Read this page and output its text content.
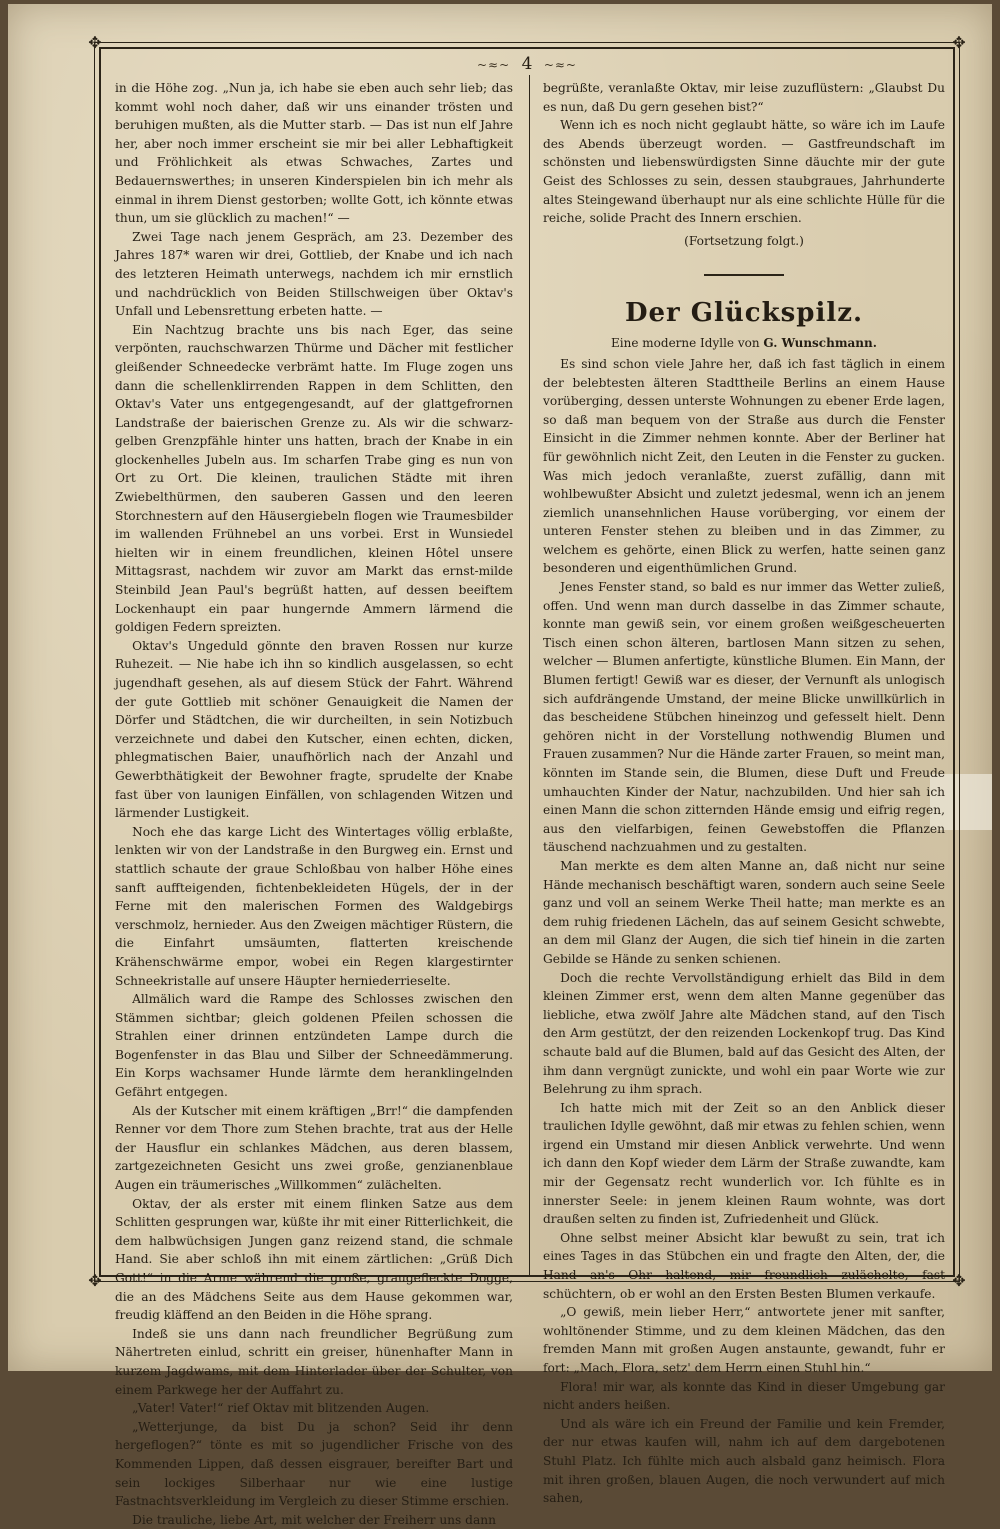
✥	✥
✥	✥
~≈~ 4 ~≈~

in die Höhe zog. „Nun ja, ich habe sie eben auch sehr lieb; das kommt wohl noch daher, daß wir uns einander trösten und beruhigen mußten, als die Mutter starb. — Das ist nun elf Jahre her, aber noch immer erscheint sie mir bei aller Lebhaftigkeit und Fröhlichkeit als etwas Schwaches, Zartes und Bedauernswerthes; in unseren Kinderspielen bin ich mehr als einmal in ihrem Dienst gestorben; wollte Gott, ich könnte etwas thun, um sie glücklich zu machen!“ —

Zwei Tage nach jenem Gespräch, am 23. Dezember des Jahres 187* waren wir drei, Gottlieb, der Knabe und ich nach des letzteren Heimath unterwegs, nachdem ich mir ernstlich und nachdrücklich von Beiden Stillschweigen über Oktav's Unfall und Lebensrettung erbeten hatte. —

Ein Nachtzug brachte uns bis nach Eger, das seine verpönten, rauchschwarzen Thürme und Dächer mit festlicher gleißender Schneedecke verbrämt hatte. Im Fluge zogen uns dann die schellenklirrenden Rappen in dem Schlitten, den Oktav's Vater uns entgegengesandt, auf der glattgefrornen Landstraße der baierischen Grenze zu. Als wir die schwarz-gelben Grenzpfähle hinter uns hatten, brach der Knabe in ein glockenhelles Jubeln aus. Im scharfen Trabe ging es nun von Ort zu Ort. Die kleinen, traulichen Städte mit ihren Zwiebelthürmen, den sauberen Gassen und den leeren Storchnestern auf den Häusergiebeln flogen wie Traumesbilder im wallenden Frühnebel an uns vorbei. Erst in Wunsiedel hielten wir in einem freundlichen, kleinen Hôtel unsere Mittagsrast, nachdem wir zuvor am Markt das ernst-milde Steinbild Jean Paul's begrüßt hatten, auf dessen beeiftem Lockenhaupt ein paar hungernde Ammern lärmend die goldigen Federn spreizten.

Oktav's Ungeduld gönnte den braven Rossen nur kurze Ruhezeit. — Nie habe ich ihn so kindlich ausgelassen, so echt jugendhaft gesehen, als auf diesem Stück der Fahrt. Während der gute Gottlieb mit schöner Genauigkeit die Namen der Dörfer und Städtchen, die wir durcheilten, in sein Notizbuch verzeichnete und dabei den Kutscher, einen echten, dicken, phlegmatischen Baier, unaufhörlich nach der Anzahl und Gewerbthätigkeit der Bewohner fragte, sprudelte der Knabe fast über von launigen Einfällen, von schlagenden Witzen und lärmender Lustigkeit.

Noch ehe das karge Licht des Wintertages völlig erblaßte, lenkten wir von der Landstraße in den Burgweg ein. Ernst und stattlich schaute der graue Schloßbau von halber Höhe eines sanft auffteigenden, fichtenbekleideten Hügels, der in der Ferne mit den malerischen Formen des Waldgebirgs verschmolz, hernieder. Aus den Zweigen mächtiger Rüstern, die die Einfahrt umsäumten, flatterten kreischende Krähenschwärme empor, wobei ein Regen klargestirnter Schneekristalle auf unsere Häupter herniederrieselte.

Allmälich ward die Rampe des Schlosses zwischen den Stämmen sichtbar; gleich goldenen Pfeilen schossen die Strahlen einer drinnen entzündeten Lampe durch die Bogenfenster in das Blau und Silber der Schneedämmerung. Ein Korps wachsamer Hunde lärmte dem heranklingelnden Gefährt entgegen.

Als der Kutscher mit einem kräftigen „Brr!“ die dampfenden Renner vor dem Thore zum Stehen brachte, trat aus der Helle der Hausflur ein schlankes Mädchen, aus deren blassem, zartgezeichneten Gesicht uns zwei große, genzianenblaue Augen ein träumerisches „Willkommen“ zulächelten.

Oktav, der als erster mit einem flinken Satze aus dem Schlitten gesprungen war, küßte ihr mit einer Ritterlichkeit, die dem halbwüchsigen Jungen ganz reizend stand, die schmale Hand. Sie aber schloß ihn mit einem zärtlichen: „Grüß Dich Gott!“ in die Arme während die große, graugefleckte Dogge, die an des Mädchens Seite aus dem Hause gekommen war, freudig kläffend an den Beiden in die Höhe sprang.

Indeß sie uns dann nach freundlicher Begrüßung zum Nähertreten einlud, schritt ein greiser, hünenhafter Mann in kurzem Jagdwams, mit dem Hinterlader über der Schulter, von einem Parkwege her der Auffahrt zu.

„Vater! Vater!“ rief Oktav mit blitzenden Augen.

„Wetterjunge, da bist Du ja schon? Seid ihr denn hergeflogen?“ tönte es mit so jugendlicher Frische von des Kommenden Lippen, daß dessen eisgrauer, bereifter Bart und sein lockiges Silberhaar nur wie eine lustige Fastnachtsverkleidung im Vergleich zu dieser Stimme erschien.

Die trauliche, liebe Art, mit welcher der Freiherr uns dann

begrüßte, veranlaßte Oktav, mir leise zuzuflüstern: „Glaubst Du es nun, daß Du gern gesehen bist?“

Wenn ich es noch nicht geglaubt hätte, so wäre ich im Laufe des Abends überzeugt worden. — Gastfreundschaft im schönsten und liebenswürdigsten Sinne däuchte mir der gute Geist des Schlosses zu sein, dessen staubgraues, Jahrhunderte altes Steingewand überhaupt nur als eine schlichte Hülle für die reiche, solide Pracht des Innern erschien.

(Fortsetzung folgt.)

Der Glückspilz.
Eine moderne Idylle von G. Wunschmann.

Es sind schon viele Jahre her, daß ich fast täglich in einem der belebtesten älteren Stadttheile Berlins an einem Hause vorüberging, dessen unterste Wohnungen zu ebener Erde lagen, so daß man bequem von der Straße aus durch die Fenster Einsicht in die Zimmer nehmen konnte. Aber der Berliner hat für gewöhnlich nicht Zeit, den Leuten in die Fenster zu gucken. Was mich jedoch veranlaßte, zuerst zufällig, dann mit wohlbewußter Absicht und zuletzt jedesmal, wenn ich an jenem ziemlich unansehnlichen Hause vorüberging, vor einem der unteren Fenster stehen zu bleiben und in das Zimmer, zu welchem es gehörte, einen Blick zu werfen, hatte seinen ganz besonderen und eigenthümlichen Grund.

Jenes Fenster stand, so bald es nur immer das Wetter zuließ, offen. Und wenn man durch dasselbe in das Zimmer schaute, konnte man gewiß sein, vor einem großen weißgescheuerten Tisch einen schon älteren, bartlosen Mann sitzen zu sehen, welcher — Blumen anfertigte, künstliche Blumen. Ein Mann, der Blumen fertigt! Gewiß war es dieser, der Vernunft als unlogisch sich aufdrängende Umstand, der meine Blicke unwillkürlich in das bescheidene Stübchen hineinzog und gefesselt hielt. Denn gehören nicht in der Vorstellung nothwendig Blumen und Frauen zusammen? Nur die Hände zarter Frauen, so meint man, könnten im Stande sein, die Blumen, diese Duft und Freude umhauchten Kinder der Natur, nachzubilden. Und hier sah ich einen Mann die schon zitternden Hände emsig und eifrig regen, aus den vielfarbigen, feinen Gewebstoffen die Pflanzen täuschend nachzuahmen und zu gestalten.

Man merkte es dem alten Manne an, daß nicht nur seine Hände mechanisch beschäftigt waren, sondern auch seine Seele ganz und voll an seinem Werke Theil hatte; man merkte es an dem ruhig friedenen Lächeln, das auf seinem Gesicht schwebte, an dem mil Glanz der Augen, die sich tief hinein in die zarten Gebilde se Hände zu senken schienen.

Doch die rechte Vervollständigung erhielt das Bild in dem kleinen Zimmer erst, wenn dem alten Manne gegenüber das liebliche, etwa zwölf Jahre alte Mädchen stand, auf den Tisch den Arm gestützt, der den reizenden Lockenkopf trug. Das Kind schaute bald auf die Blumen, bald auf das Gesicht des Alten, der ihm dann vergnügt zunickte, und wohl ein paar Worte wie zur Belehrung zu ihm sprach.

Ich hatte mich mit der Zeit so an den Anblick dieser traulichen Idylle gewöhnt, daß mir etwas zu fehlen schien, wenn irgend ein Umstand mir diesen Anblick verwehrte. Und wenn ich dann den Kopf wieder dem Lärm der Straße zuwandte, kam mir der Gegensatz recht wunderlich vor. Ich fühlte es in innerster Seele: in jenem kleinen Raum wohnte, was dort draußen selten zu finden ist, Zufriedenheit und Glück.

Ohne selbst meiner Absicht klar bewußt zu sein, trat ich eines Tages in das Stübchen ein und fragte den Alten, der, die Hand an's Ohr haltend, mir freundlich zulächelte, fast schüchtern, ob er wohl an den Ersten Besten Blumen verkaufe.

„O gewiß, mein lieber Herr,“ antwortete jener mit sanfter, wohltönender Stimme, und zu dem kleinen Mädchen, das den fremden Mann mit großen Augen anstaunte, gewandt, fuhr er fort: „Mach, Flora, setz' dem Herrn einen Stuhl hin.“

Flora! mir war, als konnte das Kind in dieser Umgebung gar nicht anders heißen.

Und als wäre ich ein Freund der Familie und kein Fremder, der nur etwas kaufen will, nahm ich auf dem dargebotenen Stuhl Platz. Ich fühlte mich auch alsbald ganz heimisch. Flora mit ihren großen, blauen Augen, die noch verwundert auf mich sahen,
